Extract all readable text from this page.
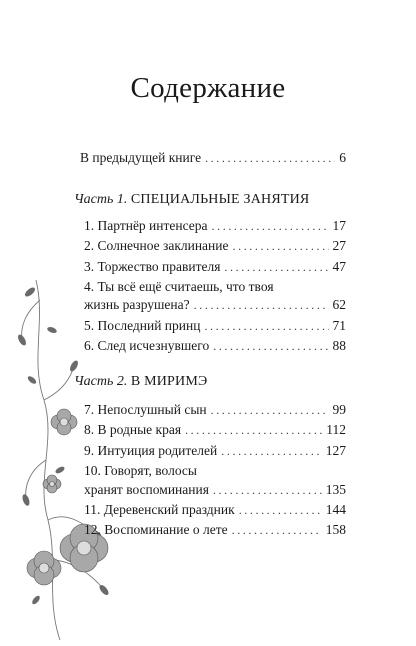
Содержание
В предыдущей книге .....	6
Часть 1. СПЕЦИАЛЬНЫЕ ЗАНЯТИЯ
1. Партнёр интенсера .....	17
2. Солнечное заклинание .....	27
3. Торжество правителя .....	47
4. Ты всё ещё считаешь, что твоя
жизнь разрушена? .....	62
5. Последний принц .....	71
6. След исчезнувшего .....	88
Часть 2. В МИРИМЭ
7. Непослушный сын .....	99
8. В родные края .....	112
9. Интуиция родителей .....	127
10. Говорят, волосы
хранят воспоминания .....	135
11. Деревенский праздник .....	144
12. Воспоминание о лете .....	158
